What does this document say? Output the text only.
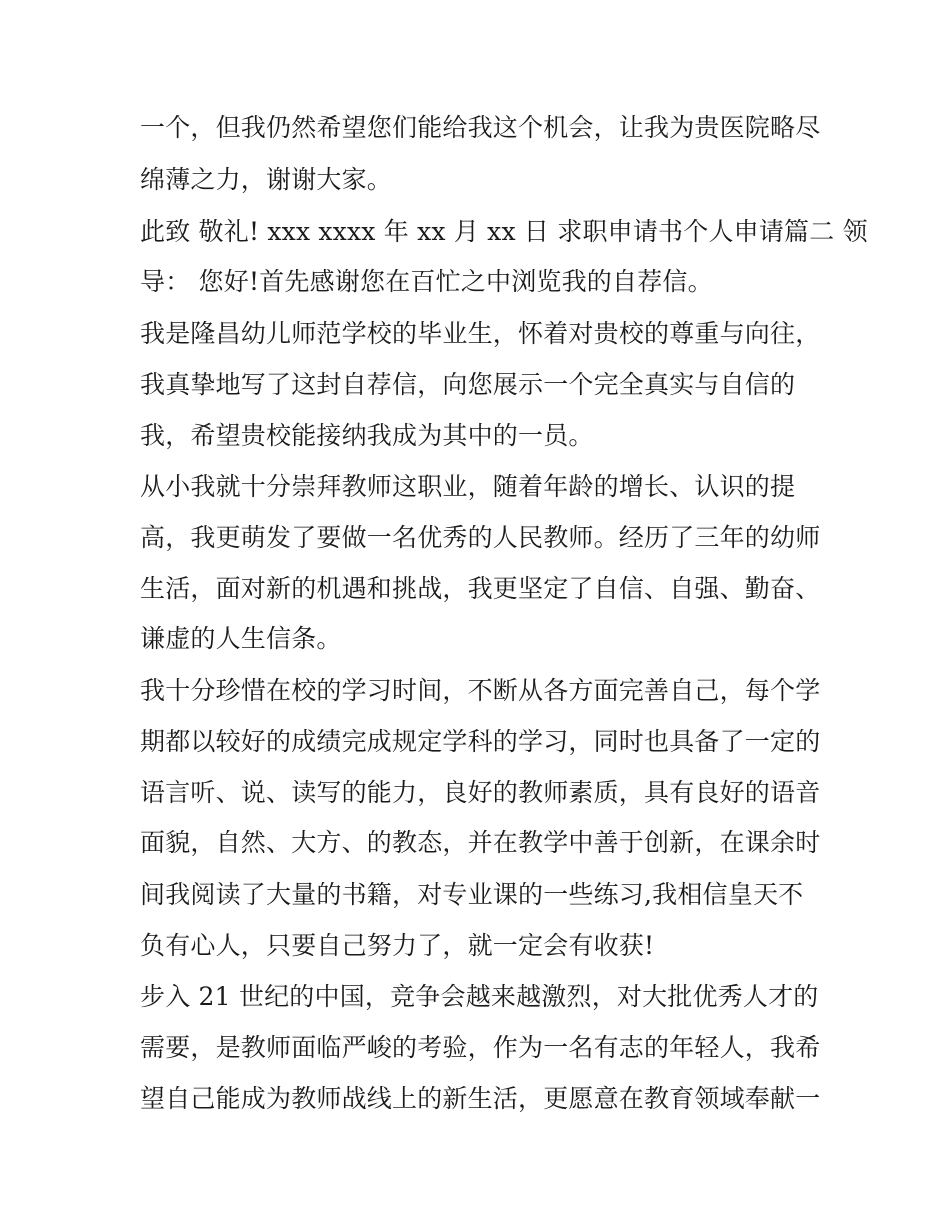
一个，但我仍然希望您们能给我这个机会，让我为贵医院略尽
绵薄之力，谢谢大家。
此致 敬礼! xxx xxxx 年 xx 月 xx 日 求职申请书个人申请篇二 领
导： 您好!首先感谢您在百忙之中浏览我的自荐信。
我是隆昌幼儿师范学校的毕业生，怀着对贵校的尊重与向往，
我真挚地写了这封自荐信，向您展示一个完全真实与自信的
我，希望贵校能接纳我成为其中的一员。
从小我就十分崇拜教师这职业，随着年龄的增长、认识的提
高，我更萌发了要做一名优秀的人民教师。经历了三年的幼师
生活，面对新的机遇和挑战，我更坚定了自信、自强、勤奋、
谦虚的人生信条。
我十分珍惜在校的学习时间，不断从各方面完善自己，每个学
期都以较好的成绩完成规定学科的学习，同时也具备了一定的
语言听、说、读写的能力，良好的教师素质，具有良好的语音
面貌，自然、大方、的教态，并在教学中善于创新，在课余时
间我阅读了大量的书籍，对专业课的一些练习,我相信皇天不
负有心人，只要自己努力了，就一定会有收获!
步入 21 世纪的中国，竞争会越来越激烈，对大批优秀人才的
需要，是教师面临严峻的考验，作为一名有志的年轻人，我希
望自己能成为教师战线上的新生活，更愿意在教育领域奉献一
